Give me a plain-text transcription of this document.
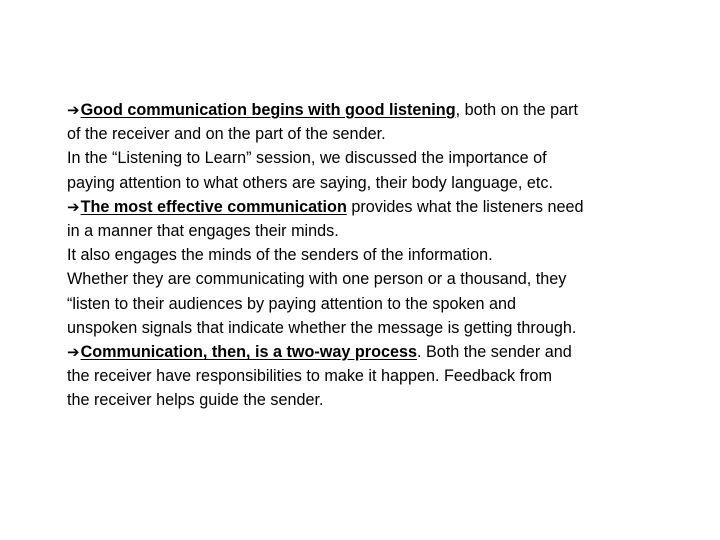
➔Good communication begins with good listening, both on the part
of the receiver and on the part of the sender.
In the “Listening to Learn” session, we discussed the importance of
paying attention to what others are saying, their body language, etc.
➔The most effective communication provides what the listeners need
in a manner that engages their minds.
It also engages the minds of the senders of the information.
Whether they are communicating with one person or a thousand, they
“listen to their audiences by paying attention to the spoken and
unspoken signals that indicate whether the message is getting through.
➔Communication, then, is a two-way process. Both the sender and
the receiver have responsibilities to make it happen. Feedback from
the receiver helps guide the sender.
